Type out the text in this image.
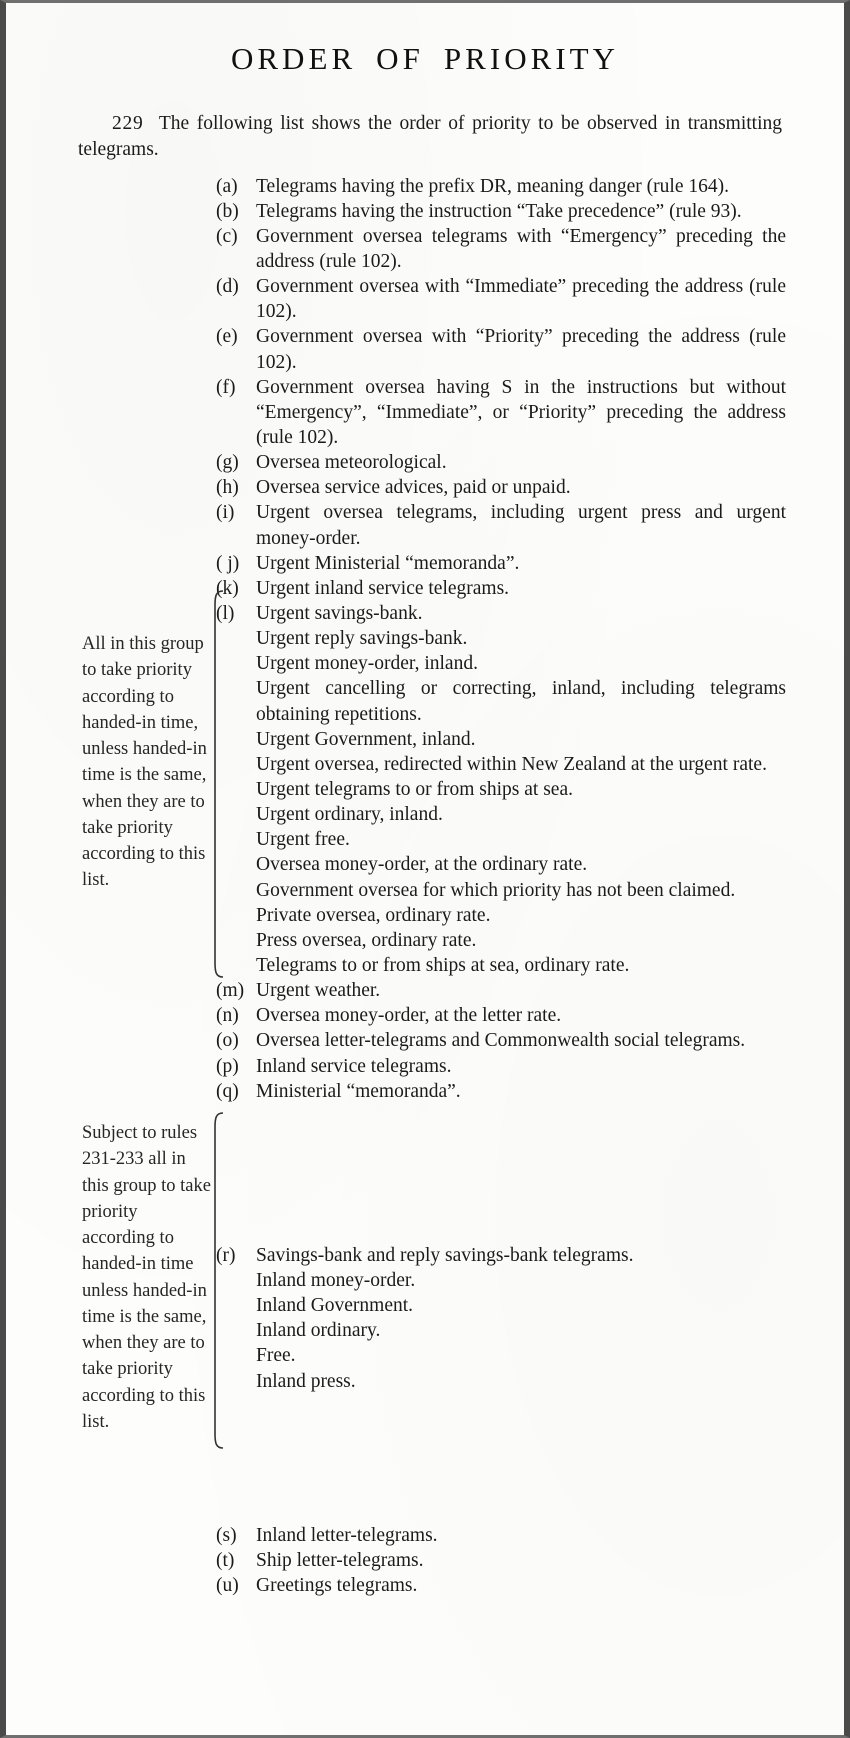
ORDER OF PRIORITY

229 The following list shows the order of priority to be observed in transmitting telegrams.

(a) Telegrams having the prefix DR, meaning danger (rule 164).
(b) Telegrams having the instruction “Take precedence” (rule 93).
(c) Government oversea telegrams with “Emergency” preceding the address (rule 102).
(d) Government oversea with “Immediate” preceding the address (rule 102).
(e) Government oversea with “Priority” preceding the address (rule 102).
(f)	Government oversea having S in the instructions but without “Emergency”, “Immediate”, or “Priority” preceding the address (rule 102).
(g) Oversea meteorological.
(h) Oversea service advices, paid or unpaid.
(i)	Urgent oversea telegrams, including urgent press and urgent money-order.
( j) Urgent Ministerial “memoranda”.
(k) Urgent inland service telegrams.
(l)	Urgent savings-bank.
Urgent reply savings-bank.
Urgent money-order, inland.
Urgent cancelling or correcting, inland, including telegrams obtaining repetitions.
Urgent Government, inland.
Urgent oversea, redirected within New Zealand at the urgent rate.
Urgent telegrams to or from ships at sea.
Urgent ordinary, inland.
Urgent free.
Oversea money-order, at the ordinary rate.
Government oversea for which priority has not been claimed.
Private oversea, ordinary rate.
Press oversea, ordinary rate.
Telegrams to or from ships at sea, ordinary rate.
(m) Urgent weather.
(n) Oversea money-order, at the letter rate.
(o) Oversea letter-telegrams and Commonwealth social telegrams.
(p) Inland service telegrams.
(q) Ministerial “memoranda”.
(r)	Savings-bank and reply savings-bank telegrams.
Inland money-order.
Inland Government.
Inland ordinary.
Free.
Inland press.
(s) Inland letter-telegrams.
(t)	Ship letter-telegrams.
(u) Greetings telegrams.
All in this group to take priority according to handed-in time, unless handed-in time is the same, when they are to take priority according to this list.
Subject to rules 231-233 all in this group to take priority according to handed-in time unless handed-in time is the same, when they are to take priority according to this list.
